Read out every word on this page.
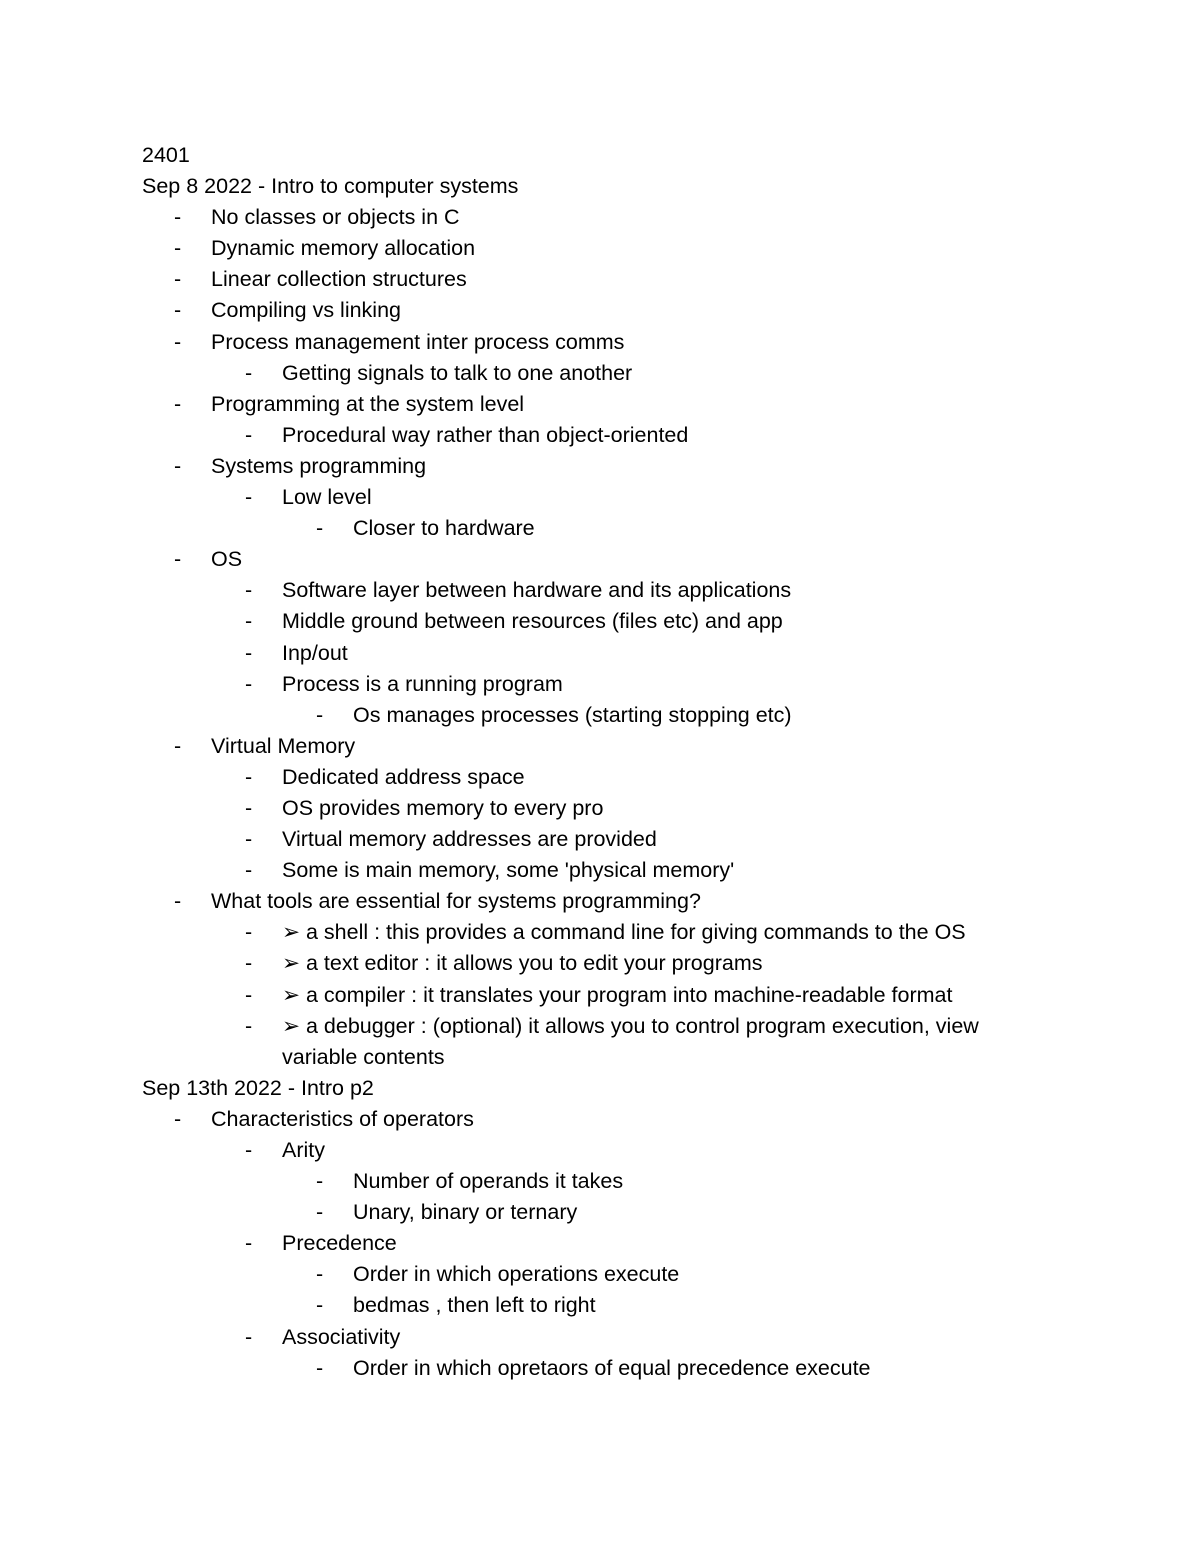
2401
Sep 8 2022 - Intro to computer systems
-	No classes or objects in C
-	Dynamic memory allocation
-	Linear collection structures
-	Compiling vs linking
-	Process management inter process comms
-	Getting signals to talk to one another
-	Programming at the system level
-	Procedural way rather than object-oriented
-	Systems programming
-	Low level
-	Closer to hardware
-	OS
-	Software layer between hardware and its applications
-	Middle ground between resources (files etc) and app
-	Inp/out
-	Process is a running program
-	Os manages processes (starting stopping etc)
-	Virtual Memory
-	Dedicated address space
-	OS provides memory to every pro
-	Virtual memory addresses are provided
-	Some is main memory, some 'physical memory'
-	What tools are essential for systems programming?
-	➢ a shell : this provides a command line for giving commands to the OS
-	➢ a text editor : it allows you to edit your programs
-	➢ a compiler : it translates your program into machine-readable format
-	➢ a debugger : (optional) it allows you to control program execution, view
variable contents
Sep 13th 2022 - Intro p2
-	Characteristics of operators
-	Arity
-	Number of operands it takes
-	Unary, binary or ternary
-	Precedence
-	Order in which operations execute
-	bedmas , then left to right
-	Associativity
-	Order in which opretaors of equal precedence execute
